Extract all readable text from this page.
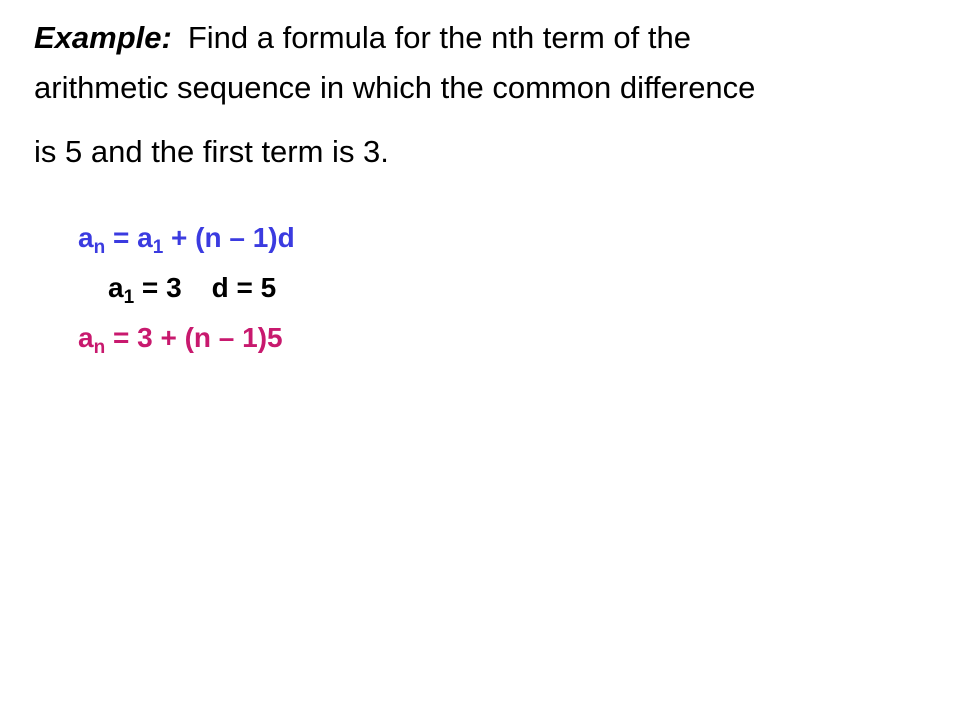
Example: Find a formula for the nth term of the
arithmetic sequence in which the common difference
is 5 and the first term is 3.
$a_n = a_1 + (n - 1)d$
$a_1 = 3$ d = 5
$a_n = 3 + (n - 1)5$
